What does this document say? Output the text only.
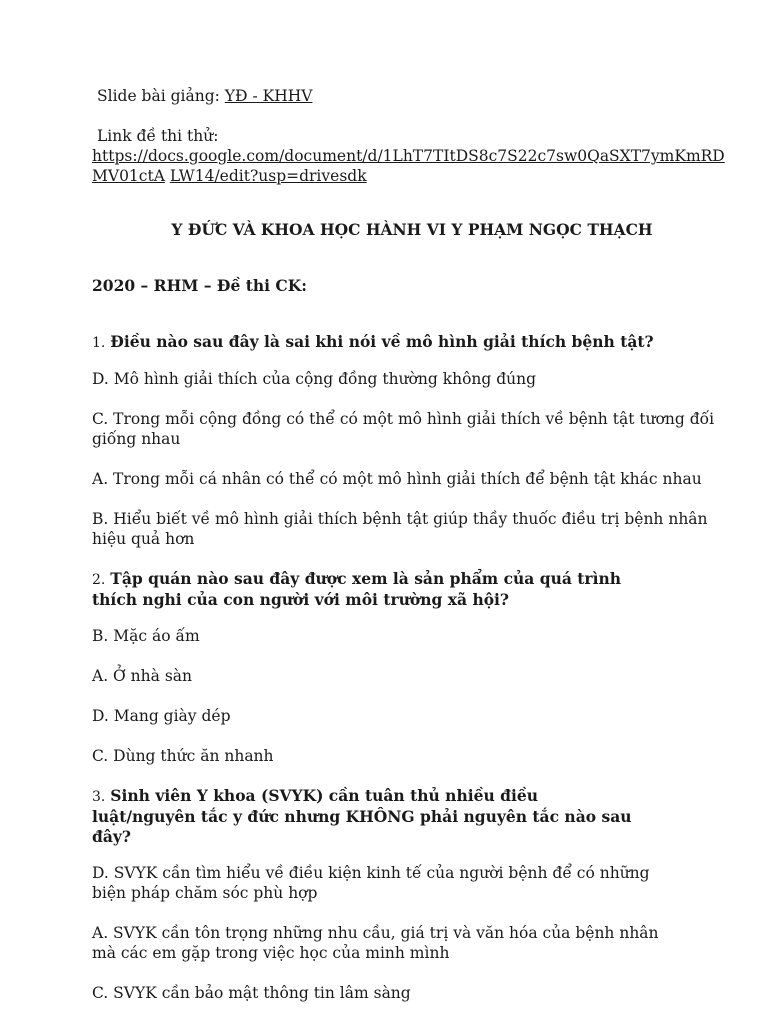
Slide bài giảng: YĐ - KHHV

Link đề thi thử:

https://docs.google.com/document/d/1LhT7TItDS8c7S22c7sw0QaSXT7ymKmRD
MV01ctA LW14/edit?usp=drivesdk

Y ĐỨC VÀ KHOA HỌC HÀNH VI Y PHẠM NGỌC THẠCH

2020 – RHM – Đề thi CK:

1. Điều nào sau đây là sai khi nói về mô hình giải thích bệnh tật?

D. Mô hình giải thích của cộng đồng thường không đúng

C. Trong mỗi cộng đồng có thể có một mô hình giải thích về bệnh tật tương đối giống nhau

A. Trong mỗi cá nhân có thể có một mô hình giải thích để bệnh tật khác nhau

B. Hiểu biết về mô hình giải thích bệnh tật giúp thầy thuốc điều trị bệnh nhân hiệu quả hơn

2. Tập quán nào sau đây được xem là sản phẩm của quá trình thích nghi của con người với môi trường xã hội?

B. Mặc áo ấm

A. Ở nhà sàn

D. Mang giày dép

C. Dùng thức ăn nhanh

3. Sinh viên Y khoa (SVYK) cần tuân thủ nhiều điều luật/nguyên tắc y đức nhưng KHÔNG phải nguyên tắc nào sau đây?

D. SVYK cần tìm hiểu về điều kiện kinh tế của người bệnh để có những biện pháp chăm sóc phù hợp

A. SVYK cần tôn trọng những nhu cầu, giá trị và văn hóa của bệnh nhân mà các em gặp trong việc học của minh mình

C. SVYK cần bảo mật thông tin lâm sàng
